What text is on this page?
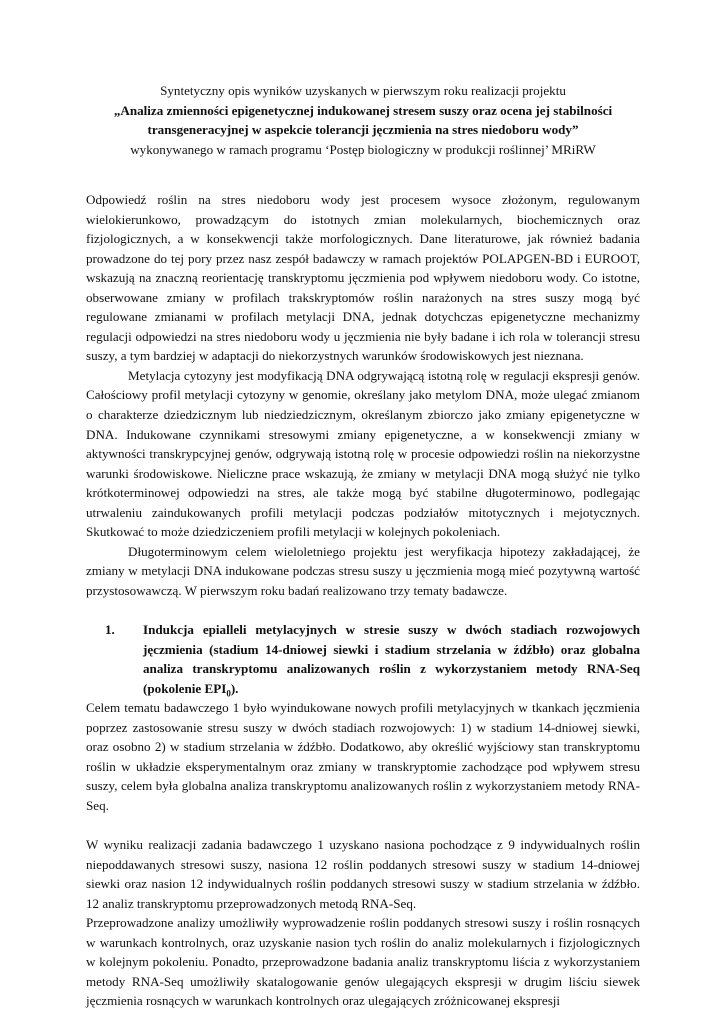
Syntetyczny opis wyników uzyskanych w pierwszym roku realizacji projektu
„Analiza zmienności epigenetycznej indukowanej stresem suszy oraz ocena jej stabilności
transgeneracyjnej w aspekcie tolerancji jęczmienia na stres niedoboru wody”
wykonywanego w ramach programu ‘Postęp biologiczny w produkcji roślinnej’ MRiRW

Odpowiedź roślin na stres niedoboru wody jest procesem wysoce złożonym, regulowanym wielokierunkowo, prowadzącym do istotnych zmian molekularnych, biochemicznych oraz fizjologicznych, a w konsekwencji także morfologicznych. Dane literaturowe, jak również badania prowadzone do tej pory przez nasz zespół badawczy w ramach projektów POLAPGEN-BD i EUROOT, wskazują na znaczną reorientację transkryptomu jęczmienia pod wpływem niedoboru wody. Co istotne, obserwowane zmiany w profilach trakskryptomów roślin narażonych na stres suszy mogą być regulowane zmianami w profilach metylacji DNA, jednak dotychczas epigenetyczne mechanizmy regulacji odpowiedzi na stres niedoboru wody u jęczmienia nie były badane i ich rola w tolerancji stresu suszy, a tym bardziej w adaptacji do niekorzystnych warunków środowiskowych jest nieznana.

Metylacja cytozyny jest modyfikacją DNA odgrywającą istotną rolę w regulacji ekspresji genów. Całościowy profil metylacji cytozyny w genomie, określany jako metylom DNA, może ulegać zmianom o charakterze dziedzicznym lub niedziedzicznym, określanym zbiorczo jako zmiany epigenetyczne w DNA. Indukowane czynnikami stresowymi zmiany epigenetyczne, a w konsekwencji zmiany w aktywności transkrypcyjnej genów, odgrywają istotną rolę w procesie odpowiedzi roślin na niekorzystne warunki środowiskowe. Nieliczne prace wskazują, że zmiany w metylacji DNA mogą służyć nie tylko krótkoterminowej odpowiedzi na stres, ale także mogą być stabilne długoterminowo, podlegając utrwaleniu zaindukowanych profili metylacji podczas podziałów mitotycznych i mejotycznych. Skutkować to może dziedziczeniem profili metylacji w kolejnych pokoleniach.

Długoterminowym celem wieloletniego projektu jest weryfikacja hipotezy zakładającej, że zmiany w metylacji DNA indukowane podczas stresu suszy u jęczmienia mogą mieć pozytywną wartość przystosowawczą. W pierwszym roku badań realizowano trzy tematy badawcze.

1.	Indukcja epialleli metylacyjnych w stresie suszy w dwóch stadiach rozwojowych jęczmienia (stadium 14-dniowej siewki i stadium strzelania w źdźbło) oraz globalna analiza transkryptomu analizowanych roślin z wykorzystaniem metody RNA-Seq (pokolenie $EPI_0$).

Celem tematu badawczego 1 było wyindukowane nowych profili metylacyjnych w tkankach jęczmienia poprzez zastosowanie stresu suszy w dwóch stadiach rozwojowych: 1) w stadium 14-dniowej siewki, oraz osobno 2) w stadium strzelania w źdźbło. Dodatkowo, aby określić wyjściowy stan transkryptomu roślin w układzie eksperymentalnym oraz zmiany w transkryptomie zachodzące pod wpływem stresu suszy, celem była globalna analiza transkryptomu analizowanych roślin z wykorzystaniem metody RNA-Seq.

W wyniku realizacji zadania badawczego 1 uzyskano nasiona pochodzące z 9 indywidualnych roślin niepoddawanych stresowi suszy, nasiona 12 roślin poddanych stresowi suszy w stadium 14-dniowej siewki oraz nasion 12 indywidualnych roślin poddanych stresowi suszy w stadium strzelania w źdźbło. 12 analiz transkryptomu przeprowadzonych metodą RNA-Seq.

Przeprowadzone analizy umożliwiły wyprowadzenie roślin poddanych stresowi suszy i roślin rosnących w warunkach kontrolnych, oraz uzyskanie nasion tych roślin do analiz molekularnych i fizjologicznych w kolejnym pokoleniu. Ponadto, przeprowadzone badania analiz transkryptomu liścia z wykorzystaniem metody RNA-Seq umożliwiły skatalogowanie genów ulegających ekspresji w drugim liściu siewek jęczmienia rosnących w warunkach kontrolnych oraz ulegających zróżnicowanej ekspresji
